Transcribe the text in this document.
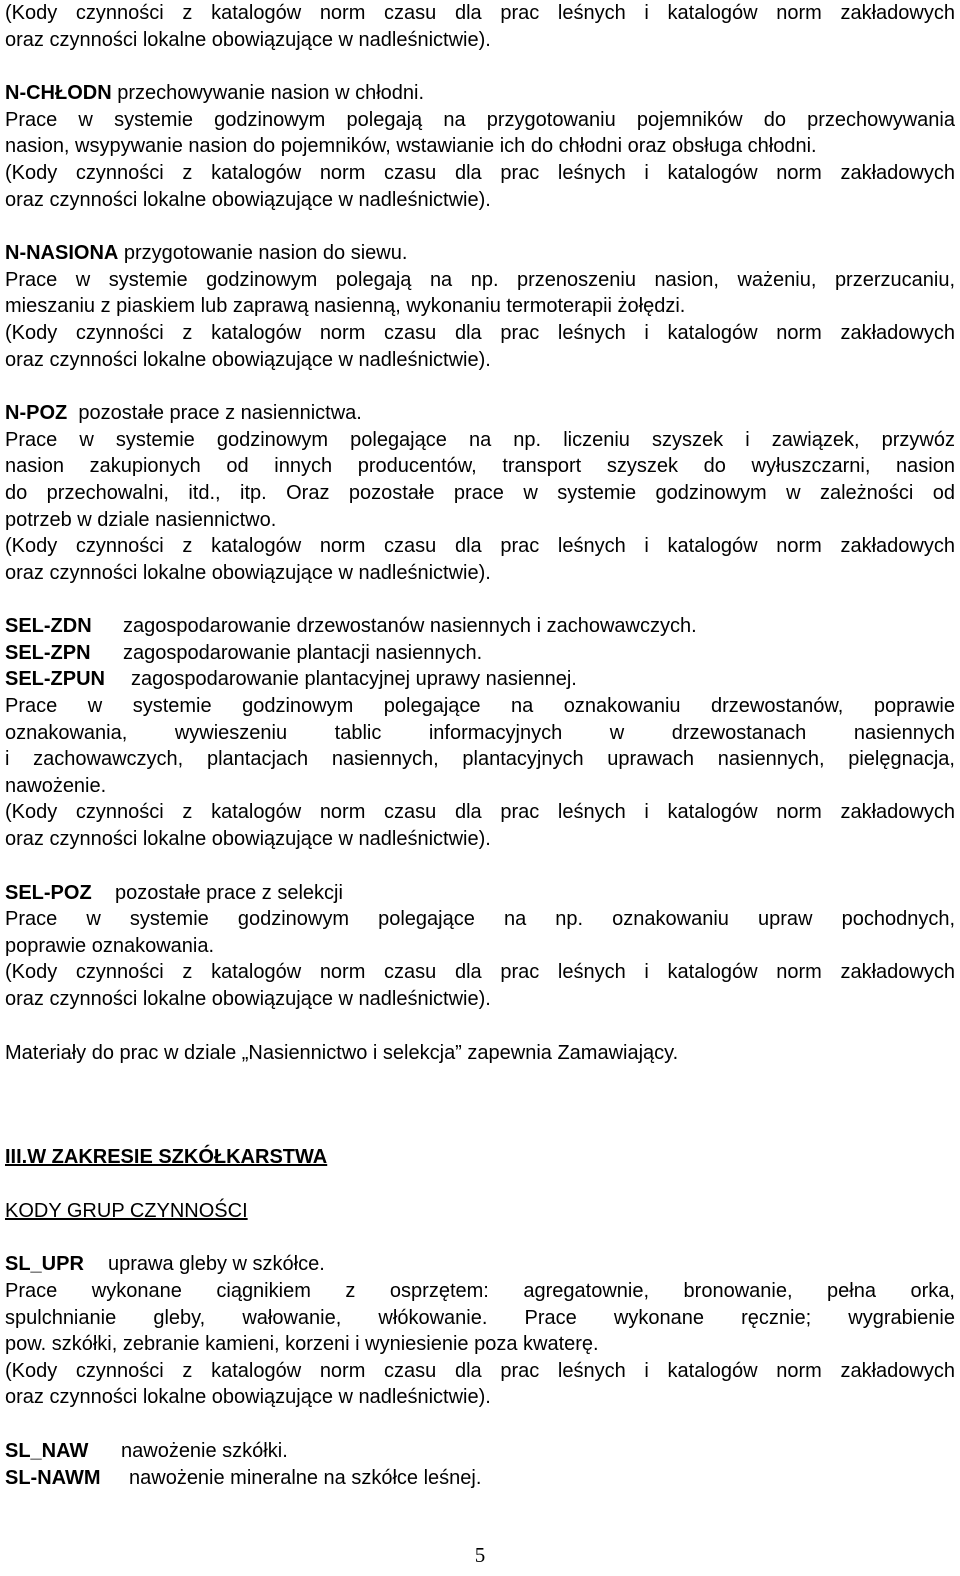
(Kody czynności z katalogów norm czasu dla prac leśnych i katalogów norm zakładowych

oraz czynności lokalne obowiązujące w nadleśnictwie).

N-CHŁODN przechowywanie nasion w chłodni.

Prace w systemie godzinowym polegają na przygotowaniu pojemników do przechowywania

nasion, wsypywanie nasion do pojemników, wstawianie ich do chłodni oraz obsługa chłodni.

(Kody czynności z katalogów norm czasu dla prac leśnych i katalogów norm zakładowych

oraz czynności lokalne obowiązujące w nadleśnictwie).

N-NASIONA przygotowanie nasion do siewu.

Prace w systemie godzinowym polegają na np. przenoszeniu nasion, ważeniu, przerzucaniu,

mieszaniu z piaskiem lub zaprawą nasienną, wykonaniu termoterapii żołędzi.

(Kody czynności z katalogów norm czasu dla prac leśnych i katalogów norm zakładowych

oraz czynności lokalne obowiązujące w nadleśnictwie).

N-POZ  pozostałe prace z nasiennictwa.

Prace w systemie godzinowym polegające na np. liczeniu szyszek i zawiązek, przywóz

nasion zakupionych od innych producentów, transport szyszek do wyłuszczarni, nasion

do przechowalni, itd., itp. Oraz pozostałe prace w systemie godzinowym w zależności od

potrzeb w dziale nasiennictwo.

(Kody czynności z katalogów norm czasu dla prac leśnych i katalogów norm zakładowych

oraz czynności lokalne obowiązujące w nadleśnictwie).

SEL-ZDN zagospodarowanie drzewostanów nasiennych i zachowawczych.

SEL-ZPN zagospodarowanie plantacji nasiennych.

SEL-ZPUN zagospodarowanie plantacyjnej uprawy nasiennej.

Prace w systemie godzinowym polegające na oznakowaniu drzewostanów, poprawie

oznakowania, wywieszeniu tablic informacyjnych w drzewostanach nasiennych

i zachowawczych, plantacjach nasiennych, plantacyjnych uprawach nasiennych, pielęgnacja,

nawożenie.

(Kody czynności z katalogów norm czasu dla prac leśnych i katalogów norm zakładowych

oraz czynności lokalne obowiązujące w nadleśnictwie).

SEL-POZ pozostałe prace z selekcji

Prace w systemie godzinowym polegające na np. oznakowaniu upraw pochodnych,

poprawie oznakowania.

(Kody czynności z katalogów norm czasu dla prac leśnych i katalogów norm zakładowych

oraz czynności lokalne obowiązujące w nadleśnictwie).

Materiały do prac w dziale „Nasiennictwo i selekcja” zapewnia Zamawiający.

III.W ZAKRESIE SZKÓŁKARSTWA

KODY GRUP CZYNNOŚCI

SL_UPR uprawa gleby w szkółce.

Prace wykonane ciągnikiem z osprzętem: agregatownie, bronowanie, pełna orka,

spulchnianie gleby, wałowanie, włókowanie. Prace wykonane ręcznie; wygrabienie

pow. szkółki, zebranie kamieni, korzeni i wyniesienie poza kwaterę.

(Kody czynności z katalogów norm czasu dla prac leśnych i katalogów norm zakładowych

oraz czynności lokalne obowiązujące w nadleśnictwie).

SL_NAW nawożenie szkółki.

SL-NAWM nawożenie mineralne na szkółce leśnej.

5
